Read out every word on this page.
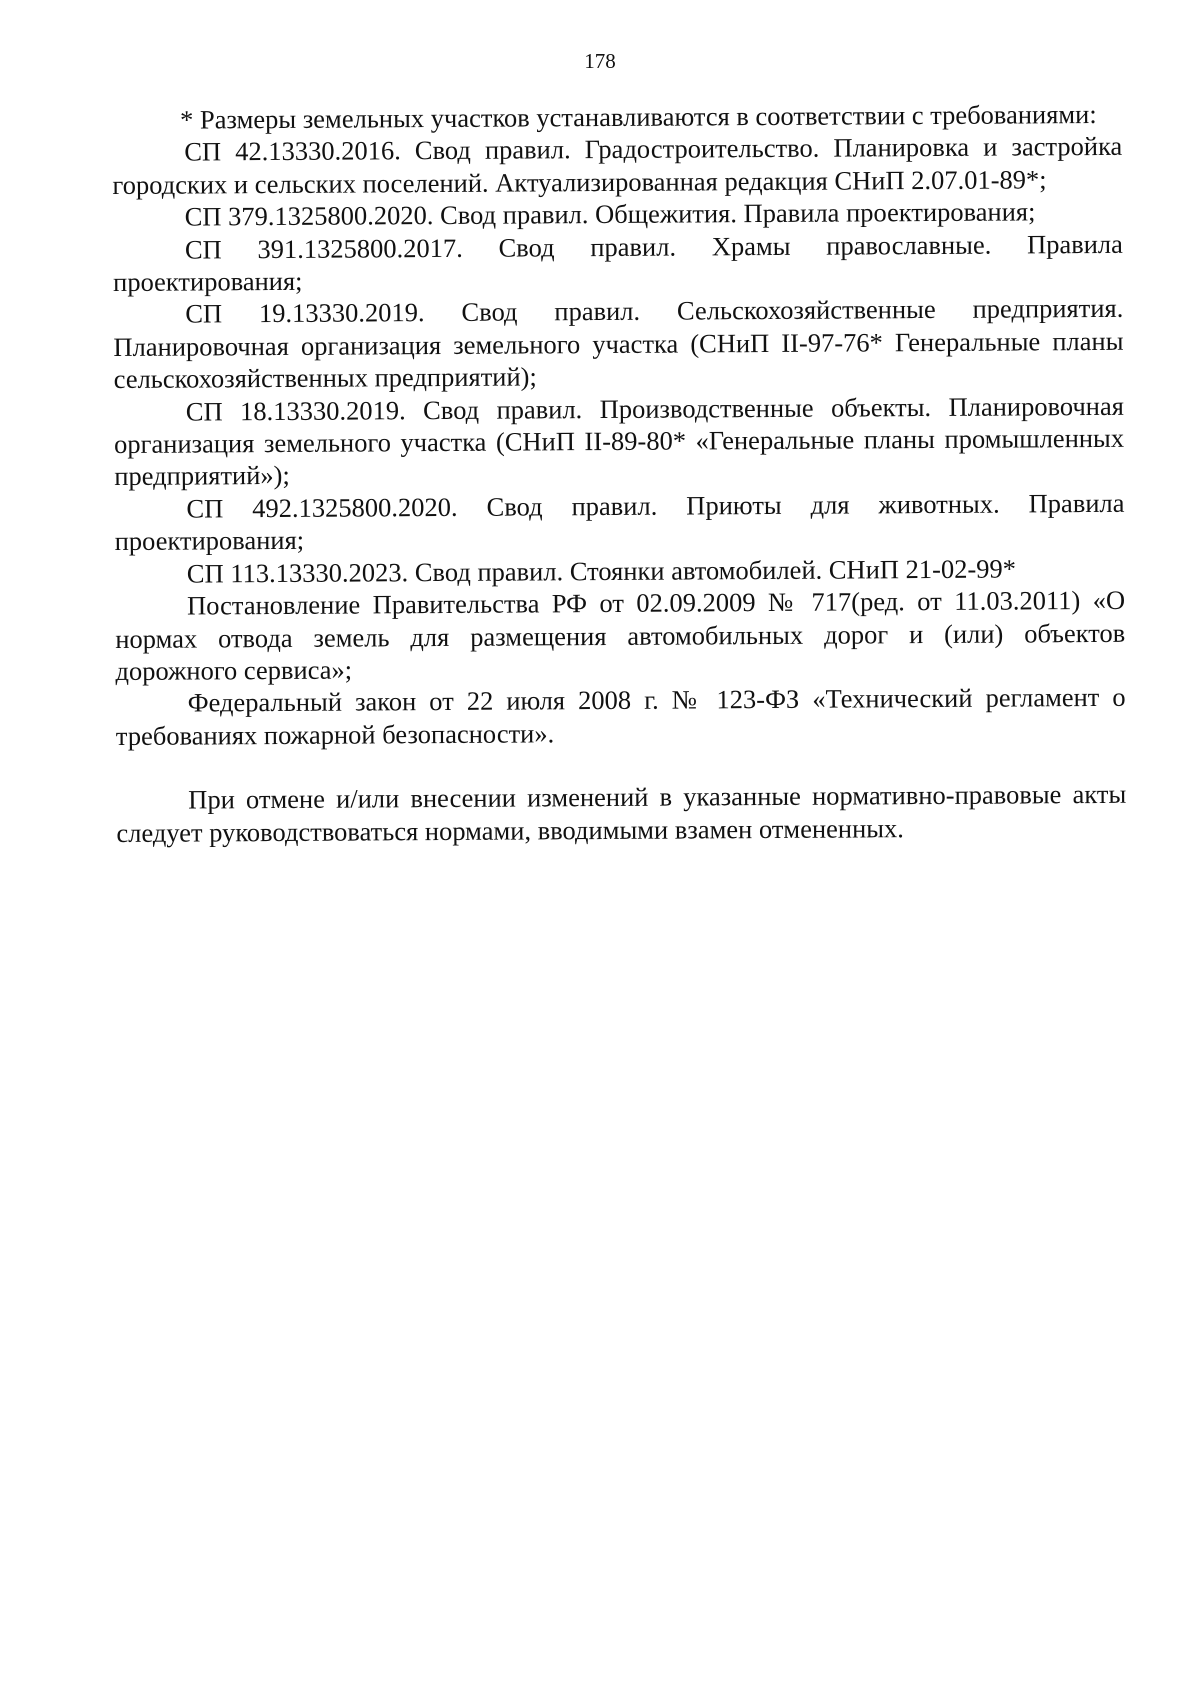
178

* Размеры земельных участков устанавливаются в соответствии с требованиями:

СП 42.13330.2016. Свод правил. Градостроительство. Планировка и застройка городских и сельских поселений. Актуализированная редакция СНиП 2.07.01-89*;

СП 379.1325800.2020. Свод правил. Общежития. Правила проектирования;

СП 391.1325800.2017. Свод правил. Храмы православные. Правила проектирования;

СП 19.13330.2019. Свод правил. Сельскохозяйственные предприятия. Планировочная организация земельного участка (СНиП II-97-76* Генеральные планы сельскохозяйственных предприятий);

СП 18.13330.2019. Свод правил. Производственные объекты. Планировочная организация земельного участка (СНиП II-89-80* «Генеральные планы промышленных предприятий»);

СП 492.1325800.2020. Свод правил. Приюты для животных. Правила проектирования;

СП 113.13330.2023. Свод правил. Стоянки автомобилей. СНиП 21-02-99*

Постановление Правительства РФ от 02.09.2009 № 717(ред. от 11.03.2011) «О нормах отвода земель для размещения автомобильных дорог и (или) объектов дорожного сервиса»;

Федеральный закон от 22 июля 2008 г. № 123-ФЗ «Технический регламент о требованиях пожарной безопасности».

При отмене и/или внесении изменений в указанные нормативно-правовые акты следует руководствоваться нормами, вводимыми взамен отмененных.
